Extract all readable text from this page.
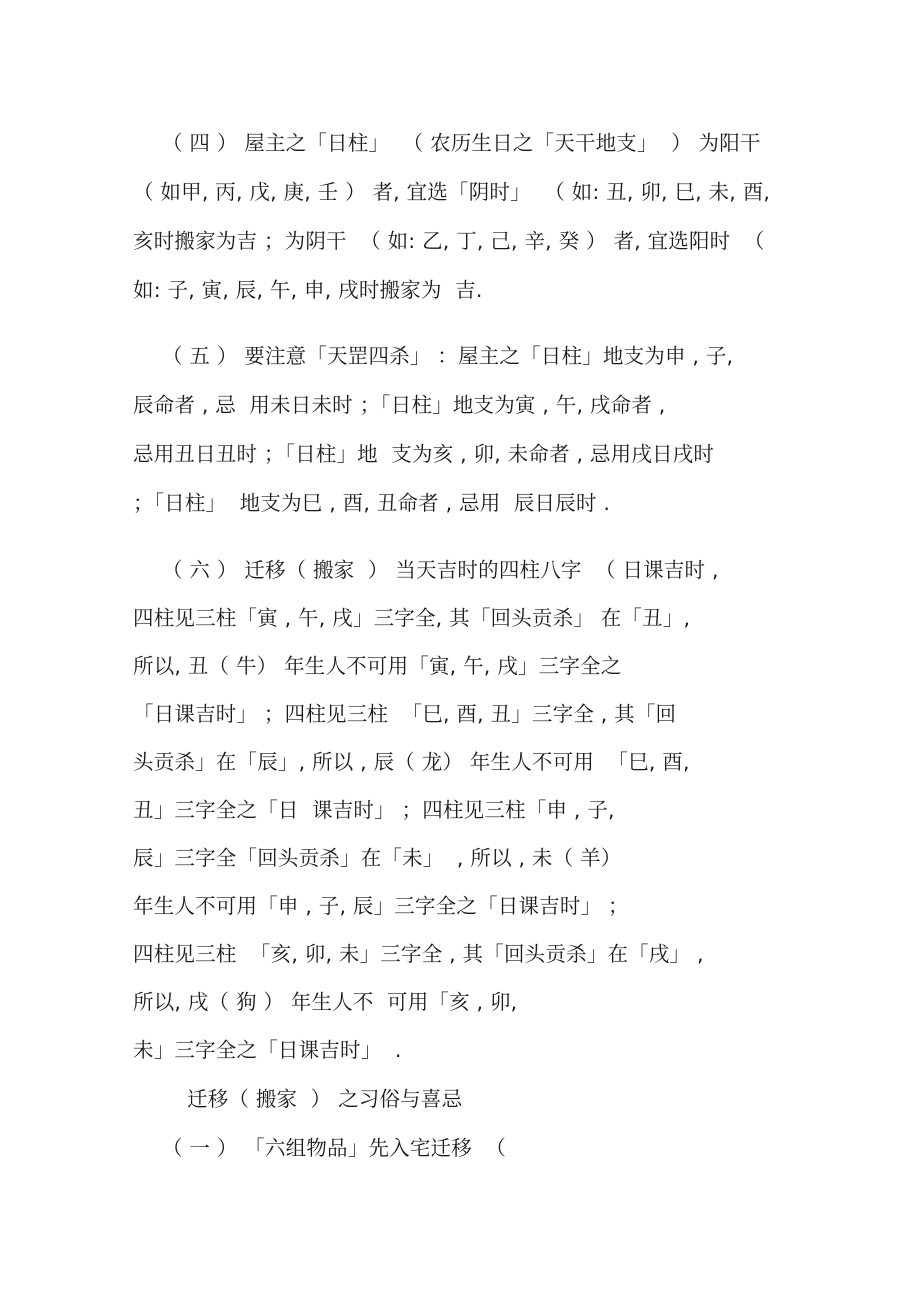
（ 四 ） 屋主之「日柱」  （ 农历生日之「天干地支」  ） 为阳干
（ 如甲, 丙, 戊, 庚, 壬 ） 者, 宜选「阴时」  （ 如: 丑, 卯, 巳, 未, 酉,
亥时搬家为吉 ；为阴干  （ 如: 乙, 丁, 己, 辛, 癸 ） 者, 宜选阳时  （
如: 子, 寅, 辰, 午, 申, 戌时搬家为  吉.
（ 五 ） 要注意「天罡四杀」 ：屋主之「日柱」地支为申 , 子,
辰命者 , 忌  用未日未时 ；「日柱」地支为寅 , 午, 戌命者 ,
忌用丑日丑时 ；「日柱」地  支为亥 , 卯, 未命者 , 忌用戌日戌时
；「日柱」  地支为巳 , 酉, 丑命者 , 忌用  辰日辰时 .
（ 六 ） 迁移（ 搬家  ） 当天吉时的四柱八字  （ 日课吉时 ,
四柱见三柱「寅 , 午, 戌」三字全, 其「回头贡杀」 在「丑」,
所以, 丑（ 牛） 年生人不可用「寅, 午, 戌」三字全之
「日课吉时」 ；四柱见三柱  「巳, 酉, 丑」三字全 , 其「回
头贡杀」在「辰」, 所以 , 辰（ 龙） 年生人不可用  「巳, 酉,
丑」三字全之「日  课吉时」 ；四柱见三柱「申 , 子,
辰」三字全「回头贡杀」在「未」  , 所以 , 未（ 羊）
年生人不可用「申 , 子, 辰」三字全之「日课吉时」 ；
四柱见三柱  「亥, 卯, 未」三字全 , 其「回头贡杀」在「戌」 ,
所以, 戌（ 狗 ） 年生人不  可用「亥 , 卯,
未」三字全之「日课吉时」  .
迁移（ 搬家  ） 之习俗与喜忌
（ 一 ） 「六组物品」先入宅迁移  （
